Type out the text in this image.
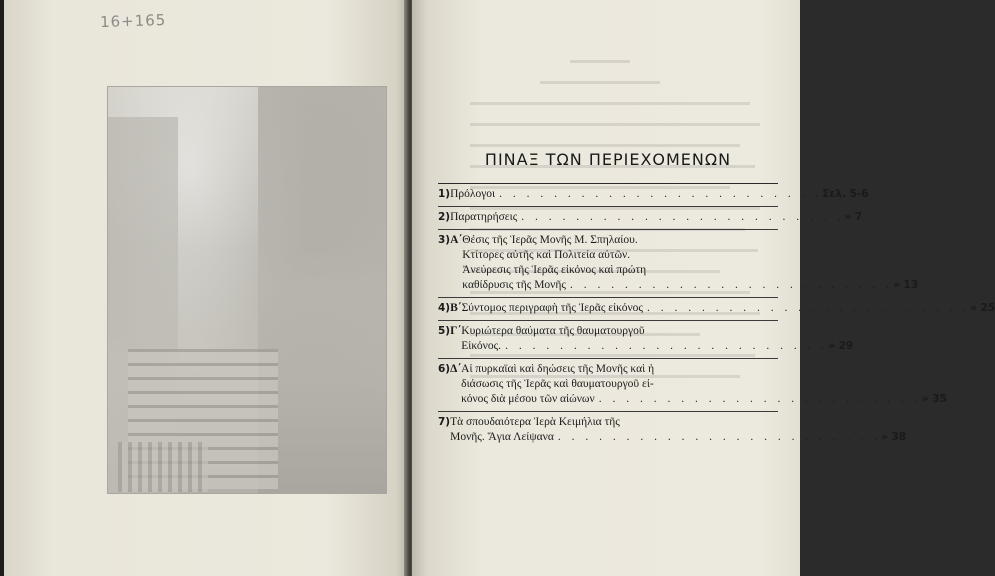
16+165
ΠΙΝΑΞ ΤΩΝ ΠΕΡΙΕΧΟΜΕΝΩΝ
1) Πρόλογοι . . . . . . . . . . . . . . . . . . . . . . . . Σελ. 5-6
2) Παρατηρήσεις . . . . . . . . . . . . . . . . . . . . . . . . » 7
3) Α΄ Θέσις τῆς Ἱερᾶς Μονῆς Μ. Σπηλαίου.
Κτίτορες αὐτῆς καὶ Πολιτεία αὐτῶν.
Ἀνεύρεσις τῆς Ἱερᾶς εἰκόνος καὶ πρώτη
καθίδρυσις τῆς Μονῆς . . . . . . . . . . . . . . . . . . . . . . . . » 13
4) Β΄ Σύντομος περιγραφὴ τῆς Ἱερᾶς εἰκόνος . . . . . . . . . . . . . . . . . . . . . . . . » 25
5) Γ΄ Κυριώτερα θαύματα τῆς θαυματουργοῦ
Εἰκόνος. . . . . . . . . . . . . . . . . . . . . . . . . » 29
6) Δ΄ Αἱ πυρκαϊαὶ καὶ δηώσεις τῆς Μονῆς καὶ ἡ
διάσωσις τῆς Ἱερᾶς καὶ θαυματουργοῦ εἰ-
κόνος διὰ μέσου τῶν αἰώνων . . . . . . . . . . . . . . . . . . . . . . . . » 35
7) Τὰ σπουδαιότερα Ἱερὰ Κειμήλια τῆς
Μονῆς. Ἅγια Λείψανα . . . . . . . . . . . . . . . . . . . . . . . . » 38
